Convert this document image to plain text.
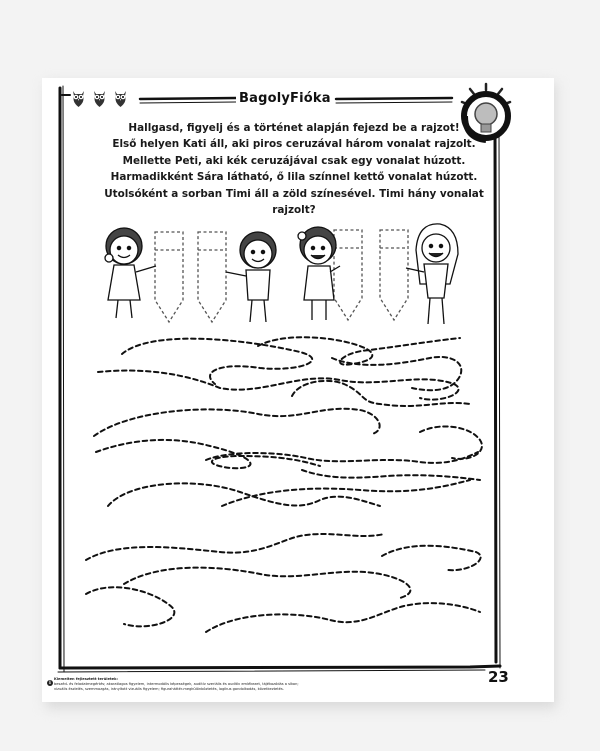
BagolyFióka
Hallgasd, figyelj és a történet alapján fejezd be a rajzot!
Első helyen Kati áll, aki piros ceruzával három vonalat rajzolt.
Mellette Peti, aki kék ceruzájával csak egy vonalat húzott.
Harmadikként Sára látható, ő lila színnel kettő vonalat húzott.
Utolsóként a sorban Timi áll a zöld színesével. Timi hány vonalat
rajzolt?
23
i
Kiemelten fejlesztett területek:
beszéd- és feladatmegértés; akaratlagos figyelem, intermodális képességek, auditív szeriális és auditív emlékezet, tájékozódás a síkon;
vizuális észlelés, szemmozgás, irányított vizuális figyelem; figuraháttér-megkülönböztetés, logikus gondolkodás, következtetés.
